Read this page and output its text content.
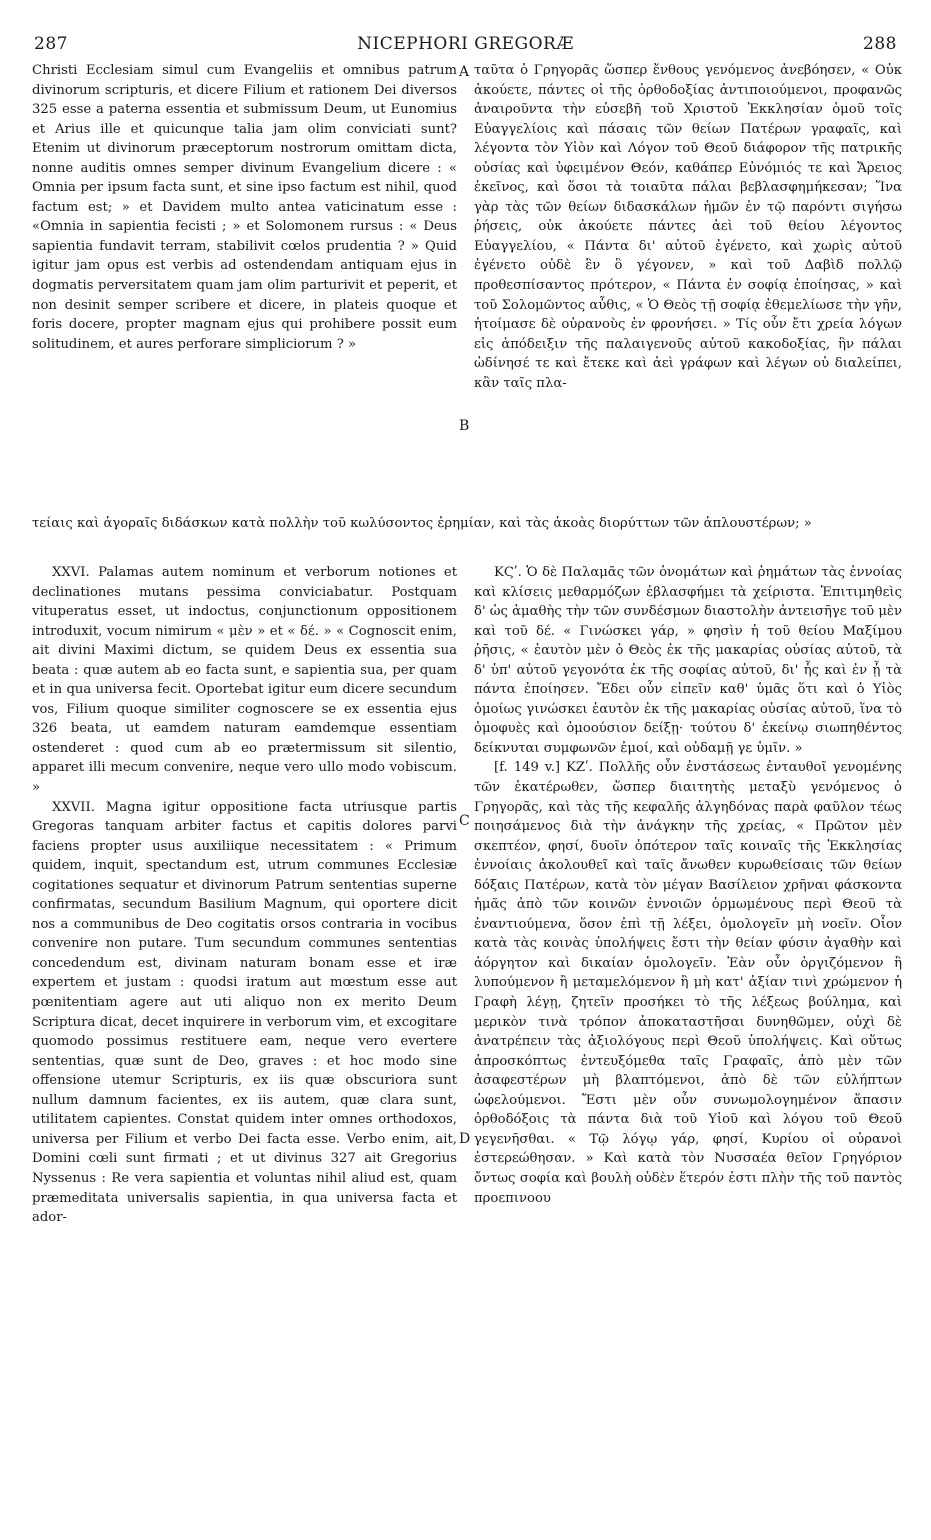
287	NICEPHORI GREGORÆ	288

Christi Ecclesiam simul cum Evangeliis et omnibus patrum divinorum scripturis, et dicere Filium et rationem Dei diversos 325 esse a paterna essentia et submissum Deum, ut Eunomius et Arius ille et quicunque talia jam olim conviciati sunt? Etenim ut divinorum præceptorum nostrorum omittam dicta, nonne auditis omnes semper divinum Evangelium dicere : « Omnia per ipsum facta sunt, et sine ipso factum est nihil, quod factum est; » et Davidem multo antea vaticinatum esse : «Omnia in sapientia fecisti ; » et Solomonem rursus : « Deus sapientia fundavit terram, stabilivit cœlos prudentia ? » Quid igitur jam opus est verbis ad ostendendam antiquam ejus in dogmatis perversitatem quam jam olim parturivit et peperit, et non desinit semper scribere et dicere, in plateis quoque et foris docere, propter magnam ejus qui prohibere possit eum solitudinem, et aures perforare simpliciorum ? »

ταῦτα ὁ Γρηγορᾶς ὥσπερ ἔνθους γενόμενος ἀνεβόησεν, « Οὐκ ἀκούετε, πάντες οἱ τῆς ὀρθοδοξίας ἀντιποιούμενοι, προφανῶς ἀναιροῦντα τὴν εὐσεβῆ τοῦ Χριστοῦ Ἐκκλησίαν ὁμοῦ τοῖς Εὐαγγελίοις καὶ πάσαις τῶν θείων Πατέρων γραφαῖς, καὶ λέγοντα τὸν Υἱὸν καὶ Λόγον τοῦ Θεοῦ διάφορον τῆς πατρικῆς οὐσίας καὶ ὑφειμένον Θεόν, καθάπερ Εὐνόμιός τε καὶ Ἄρειος ἐκεῖνος, καὶ ὅσοι τὰ τοιαῦτα πάλαι βεβλασφημήκεσαν; Ἵνα γὰρ τὰς τῶν θείων διδασκάλων ἡμῶν ἐν τῷ παρόντι σιγήσω ῥήσεις, οὐκ ἀκούετε πάντες ἀεὶ τοῦ θείου λέγοντος Εὐαγγελίου, « Πάντα δι' αὐτοῦ ἐγένετο, καὶ χωρὶς αὐτοῦ ἐγένετο οὐδὲ ἓν ὃ γέγονεν, » καὶ τοῦ Δαβὶδ πολλῷ προθεσπίσαντος πρότερον, « Πάντα ἐν σοφίᾳ ἐποίησας, » καὶ τοῦ Σολομῶντος αὖθις, « Ὁ Θεὸς τῇ σοφίᾳ ἐθεμελίωσε τὴν γῆν, ἡτοίμασε δὲ οὐρανοὺς ἐν φρονήσει. » Τίς οὖν ἔτι χρεία λόγων εἰς ἀπόδειξιν τῆς παλαιγενοῦς αὐτοῦ κακοδοξίας, ἣν πάλαι ὠδίνησέ τε καὶ ἔτεκε καὶ ἀεὶ γράφων καὶ λέγων οὐ διαλείπει, κἂν ταῖς πλα-

τείαις καὶ ἀγοραῖς διδάσκων κατὰ πολλὴν τοῦ κωλύσοντος ἐρημίαν, καὶ τὰς ἀκοὰς διορύττων τῶν ἁπλουστέρων; »

XXVI. Palamas autem nominum et verborum notiones et declinationes mutans pessima conviciabatur. Postquam vituperatus esset, ut indoctus, conjunctionum oppositionem introduxit, vocum nimirum « μὲν » et « δέ. » « Cognoscit enim, ait divini Maximi dictum, se quidem Deus ex essentia sua beata : quæ autem ab eo facta sunt, e sapientia sua, per quam et in qua universa fecit. Oportebat igitur eum dicere secundum vos, Filium quoque similiter cognoscere se ex essentia ejus 326 beata, ut eamdem naturam eamdemque essentiam ostenderet : quod cum ab eo prætermissum sit silentio, apparet illi mecum convenire, neque vero ullo modo vobiscum. »

XXVII. Magna igitur oppositione facta utriusque partis Gregoras tanquam arbiter factus et capitis dolores parvi faciens propter usus auxiliique necessitatem : « Primum quidem, inquit, spectandum est, utrum communes Ecclesiæ cogitationes sequatur et divinorum Patrum sententias superne confirmatas, secundum Basilium Magnum, qui oportere dicit nos a communibus de Deo cogitatis orsos contraria in vocibus convenire non putare. Tum secundum communes sententias concedendum est, divinam naturam bonam esse et iræ expertem et justam : quodsi iratum aut mœstum esse aut pœnitentiam agere aut uti aliquo non ex merito Deum Scriptura dicat, decet inquirere in verborum vim, et excogitare quomodo possimus restituere eam, neque vero evertere sententias, quæ sunt de Deo, graves : et hoc modo sine offensione utemur Scripturis, ex iis quæ obscuriora sunt nullum damnum facientes, ex iis autem, quæ clara sunt, utilitatem capientes. Constat quidem inter omnes orthodoxos, universa per Filium et verbo Dei facta esse. Verbo enim, ait, Domini cœli sunt firmati ; et ut divinus 327 ait Gregorius Nyssenus : Re vera sapientia et voluntas nihil aliud est, quam præmeditata universalis sapientia, in qua universa facta et ador-

ΚϚʹ. Ὁ δὲ Παλαμᾶς τῶν ὀνομάτων καὶ ῥημάτων τὰς ἐννοίας καὶ κλίσεις μεθαρμόζων ἐβλασφήμει τὰ χείριστα. Ἐπιτιμηθεὶς δ' ὡς ἀμαθὴς τὴν τῶν συνδέσμων διαστολὴν ἀντεισῆγε τοῦ μὲν καὶ τοῦ δέ. « Γινώσκει γάρ, » φησὶν ἡ τοῦ θείου Μαξίμου ῥῆσις, « ἑαυτὸν μὲν ὁ Θεὸς ἐκ τῆς μακαρίας οὐσίας αὐτοῦ, τὰ δ' ὑπ' αὐτοῦ γεγονότα ἐκ τῆς σοφίας αὐτοῦ, δι' ἧς καὶ ἐν ᾗ τὰ πάντα ἐποίησεν. Ἔδει οὖν εἰπεῖν καθ' ὑμᾶς ὅτι καὶ ὁ Υἱὸς ὁμοίως γινώσκει ἑαυτὸν ἐκ τῆς μακαρίας οὐσίας αὐτοῦ, ἵνα τὸ ὁμοφυὲς καὶ ὁμοούσιον δείξῃ· τούτου δ' ἐκείνῳ σιωπηθέντος δείκνυται συμφωνῶν ἐμοί, καὶ οὐδαμῇ γε ὑμῖν. »

[f. 149 v.] ΚΖʹ. Πολλῆς οὖν ἐνστάσεως ἐνταυθοῖ γενομένης τῶν ἑκατέρωθεν, ὥσπερ διαιτητὴς μεταξὺ γενόμενος ὁ Γρηγορᾶς, καὶ τὰς τῆς κεφαλῆς ἀλγηδόνας παρὰ φαῦλον τέως ποιησάμενος διὰ τὴν ἀνάγκην τῆς χρείας, « Πρῶτον μὲν σκεπτέον, φησί, δυοῖν ὁπότερον ταῖς κοιναῖς τῆς Ἐκκλησίας ἐννοίαις ἀκολουθεῖ καὶ ταῖς ἄνωθεν κυρωθείσαις τῶν θείων δόξαις Πατέρων, κατὰ τὸν μέγαν Βασίλειον χρῆναι φάσκοντα ἡμᾶς ἀπὸ τῶν κοινῶν ἐννοιῶν ὁρμωμένους περὶ Θεοῦ τὰ ἐναντιούμενα, ὅσον ἐπὶ τῇ λέξει, ὁμολογεῖν μὴ νοεῖν. Οἷον κατὰ τὰς κοινὰς ὑπολήψεις ἔστι τὴν θείαν φύσιν ἀγαθὴν καὶ ἀόργητον καὶ δικαίαν ὁμολογεῖν. Ἐὰν οὖν ὀργιζόμενον ἢ λυπούμενον ἢ μεταμελόμενον ἢ μὴ κατ' ἀξίαν τινὶ χρώμενον ἡ Γραφὴ λέγῃ, ζητεῖν προσήκει τὸ τῆς λέξεως βούλημα, καὶ μερικὸν τινὰ τρόπον ἀποκαταστῆσαι δυνηθῶμεν, οὐχὶ δὲ ἀνατρέπειν τὰς ἀξιολόγους περὶ Θεοῦ ὑπολήψεις. Καὶ οὕτως ἀπροσκόπτως ἐντευξόμεθα ταῖς Γραφαῖς, ἀπὸ μὲν τῶν ἀσαφεστέρων μὴ βλαπτόμενοι, ἀπὸ δὲ τῶν εὐλήπτων ὠφελούμενοι. Ἔστι μὲν οὖν συνωμολογημένον ἅπασιν ὀρθοδόξοις τὰ πάντα διὰ τοῦ Υἱοῦ καὶ λόγου τοῦ Θεοῦ γεγενῆσθαι. « Τῷ λόγῳ γάρ, φησί, Κυρίου οἱ οὐρανοὶ ἐστερεώθησαν. » Καὶ κατὰ τὸν Νυσσαέα θεῖον Γρηγόριον ὄντως σοφία καὶ βουλὴ οὐδὲν ἕτερόν ἐστι πλὴν τῆς τοῦ παντὸς προεπινοου

A
B
C
D
